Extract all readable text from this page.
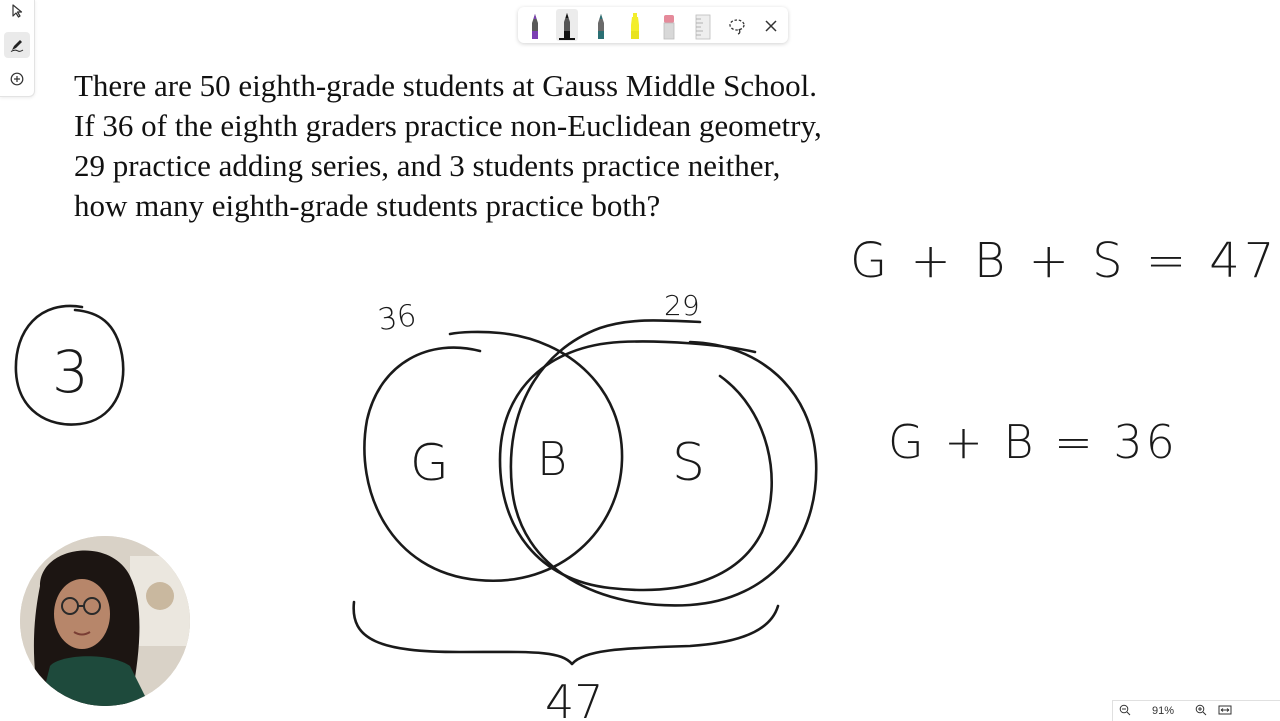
There are 50 eighth-grade students at Gauss Middle School.
If 36 of the eighth graders practice non-Euclidean geometry,
29 practice adding series, and 3 students practice neither,
how many eighth-grade students practice both?
3
36	29
G B S
47
G + B + S = 47
G + B = 36
91%
